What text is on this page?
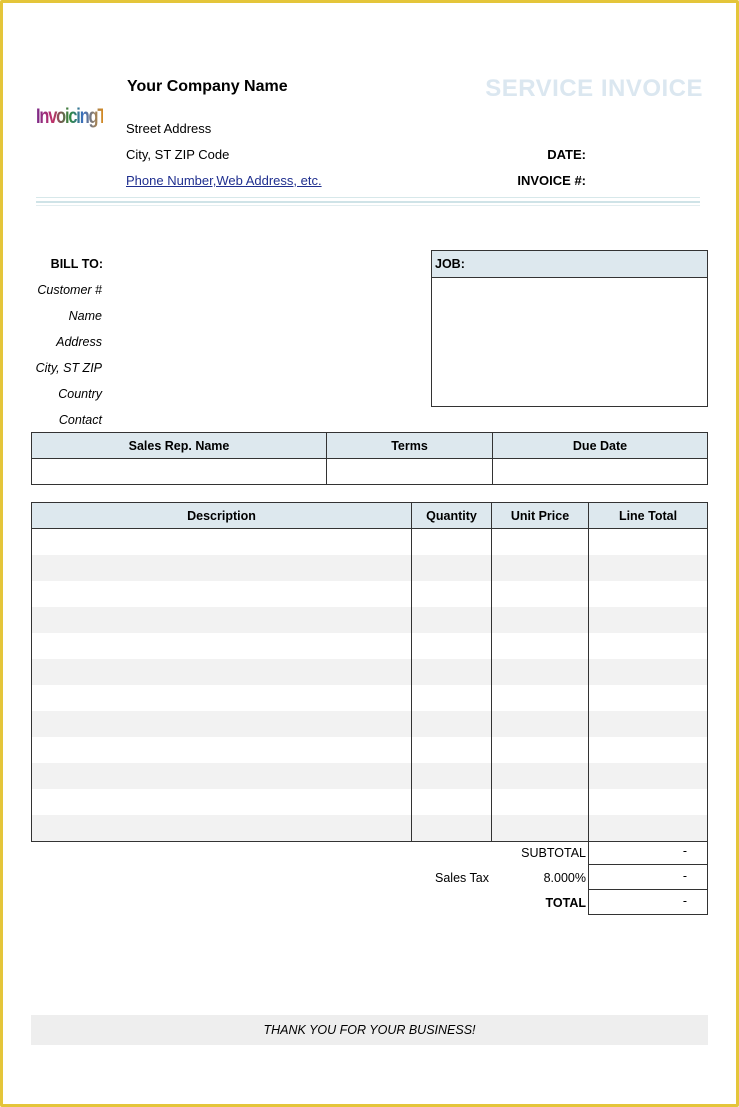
InvoicingTemplates
Your Company Name
Street Address
City, ST ZIP Code
Phone Number,Web Address, etc.
SERVICE INVOICE
DATE:
INVOICE #:
BILL TO:
Customer #
Name
Address
City, ST ZIP
Country
Contact
JOB:
Sales Rep. Name	Terms	Due Date

Description	Quantity	Unit Price	Line Total

SUBTOTAL	-
Sales Tax	8.000%	-
TOTAL	-
THANK YOU FOR YOUR BUSINESS!
